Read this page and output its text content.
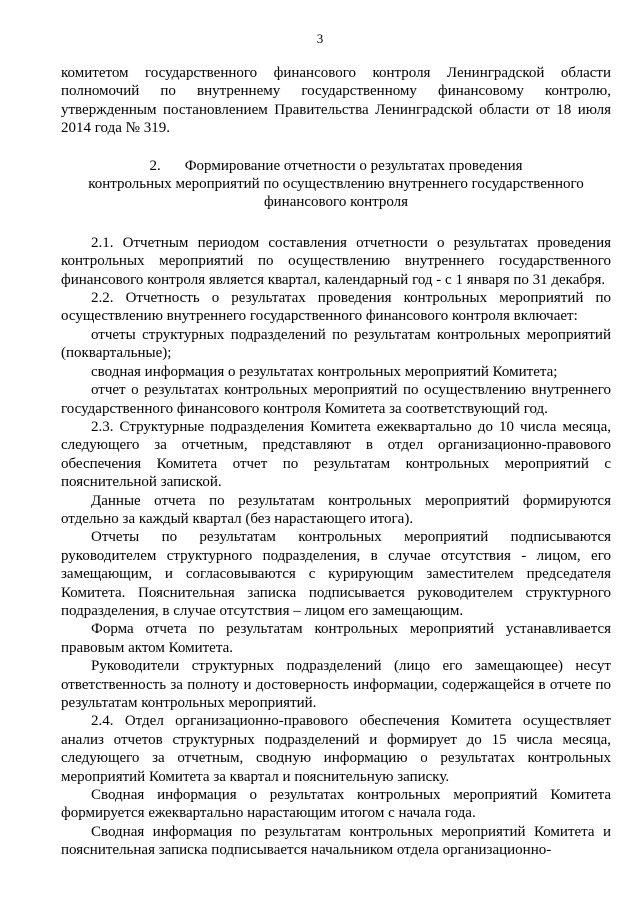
3

комитетом государственного финансового контроля Ленинградской области полномочий по внутреннему государственному финансовому контролю, утвержденным постановлением Правительства Ленинградской области от 18 июля 2014 года № 319.

2. Формирование отчетности о результатах проведения
контрольных мероприятий по осуществлению внутреннего государственного
финансового контроля

2.1. Отчетным периодом составления отчетности о результатах проведения контрольных мероприятий по осуществлению внутреннего государственного финансового контроля является квартал, календарный год - с 1 января по 31 декабря.

2.2. Отчетность о результатах проведения контрольных мероприятий по осуществлению внутреннего государственного финансового контроля включает:

отчеты структурных подразделений по результатам контрольных мероприятий (поквартальные);

сводная информация о результатах контрольных мероприятий Комитета;

отчет о результатах контрольных мероприятий по осуществлению внутреннего государственного финансового контроля Комитета за соответствующий год.

2.3. Структурные подразделения Комитета ежеквартально до 10 числа месяца, следующего за отчетным, представляют в отдел организационно-правового обеспечения Комитета отчет по результатам контрольных мероприятий с пояснительной запиской.

Данные отчета по результатам контрольных мероприятий формируются отдельно за каждый квартал (без нарастающего итога).

Отчеты по результатам контрольных мероприятий подписываются руководителем структурного подразделения, в случае отсутствия - лицом, его замещающим, и согласовываются с курирующим заместителем председателя Комитета. Пояснительная записка подписывается руководителем структурного подразделения, в случае отсутствия – лицом его замещающим.

Форма отчета по результатам контрольных мероприятий устанавливается правовым актом Комитета.

Руководители структурных подразделений (лицо его замещающее) несут ответственность за полноту и достоверность информации, содержащейся в отчете по результатам контрольных мероприятий.

2.4. Отдел организационно-правового обеспечения Комитета осуществляет анализ отчетов структурных подразделений и формирует до 15 числа месяца, следующего за отчетным, сводную информацию о результатах контрольных мероприятий Комитета за квартал и пояснительную записку.

Сводная информация о результатах контрольных мероприятий Комитета формируется ежеквартально нарастающим итогом с начала года.

Сводная информация по результатам контрольных мероприятий Комитета и пояснительная записка подписывается начальником отдела организационно-
